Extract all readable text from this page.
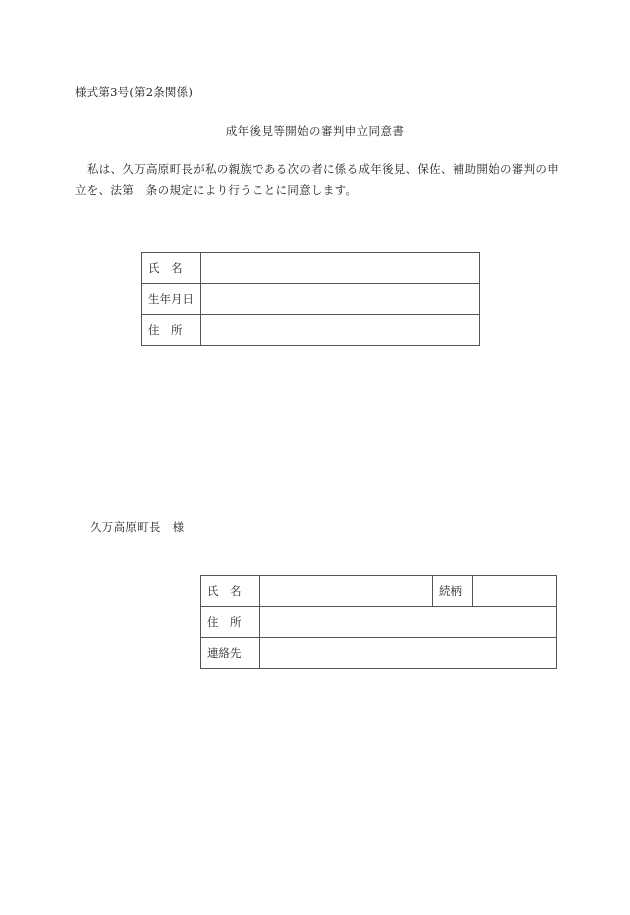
様式第3号(第2条関係)
成年後見等開始の審判申立同意書
私は、久万高原町長が私の親族である次の者に係る成年後見、保佐、補助開始の審判の申立を、法第　条の規定により行うことに同意します。
氏　名	
生年月日	
住　所	
久万高原町長　様
氏　名		続柄	
住　所			
連絡先			
